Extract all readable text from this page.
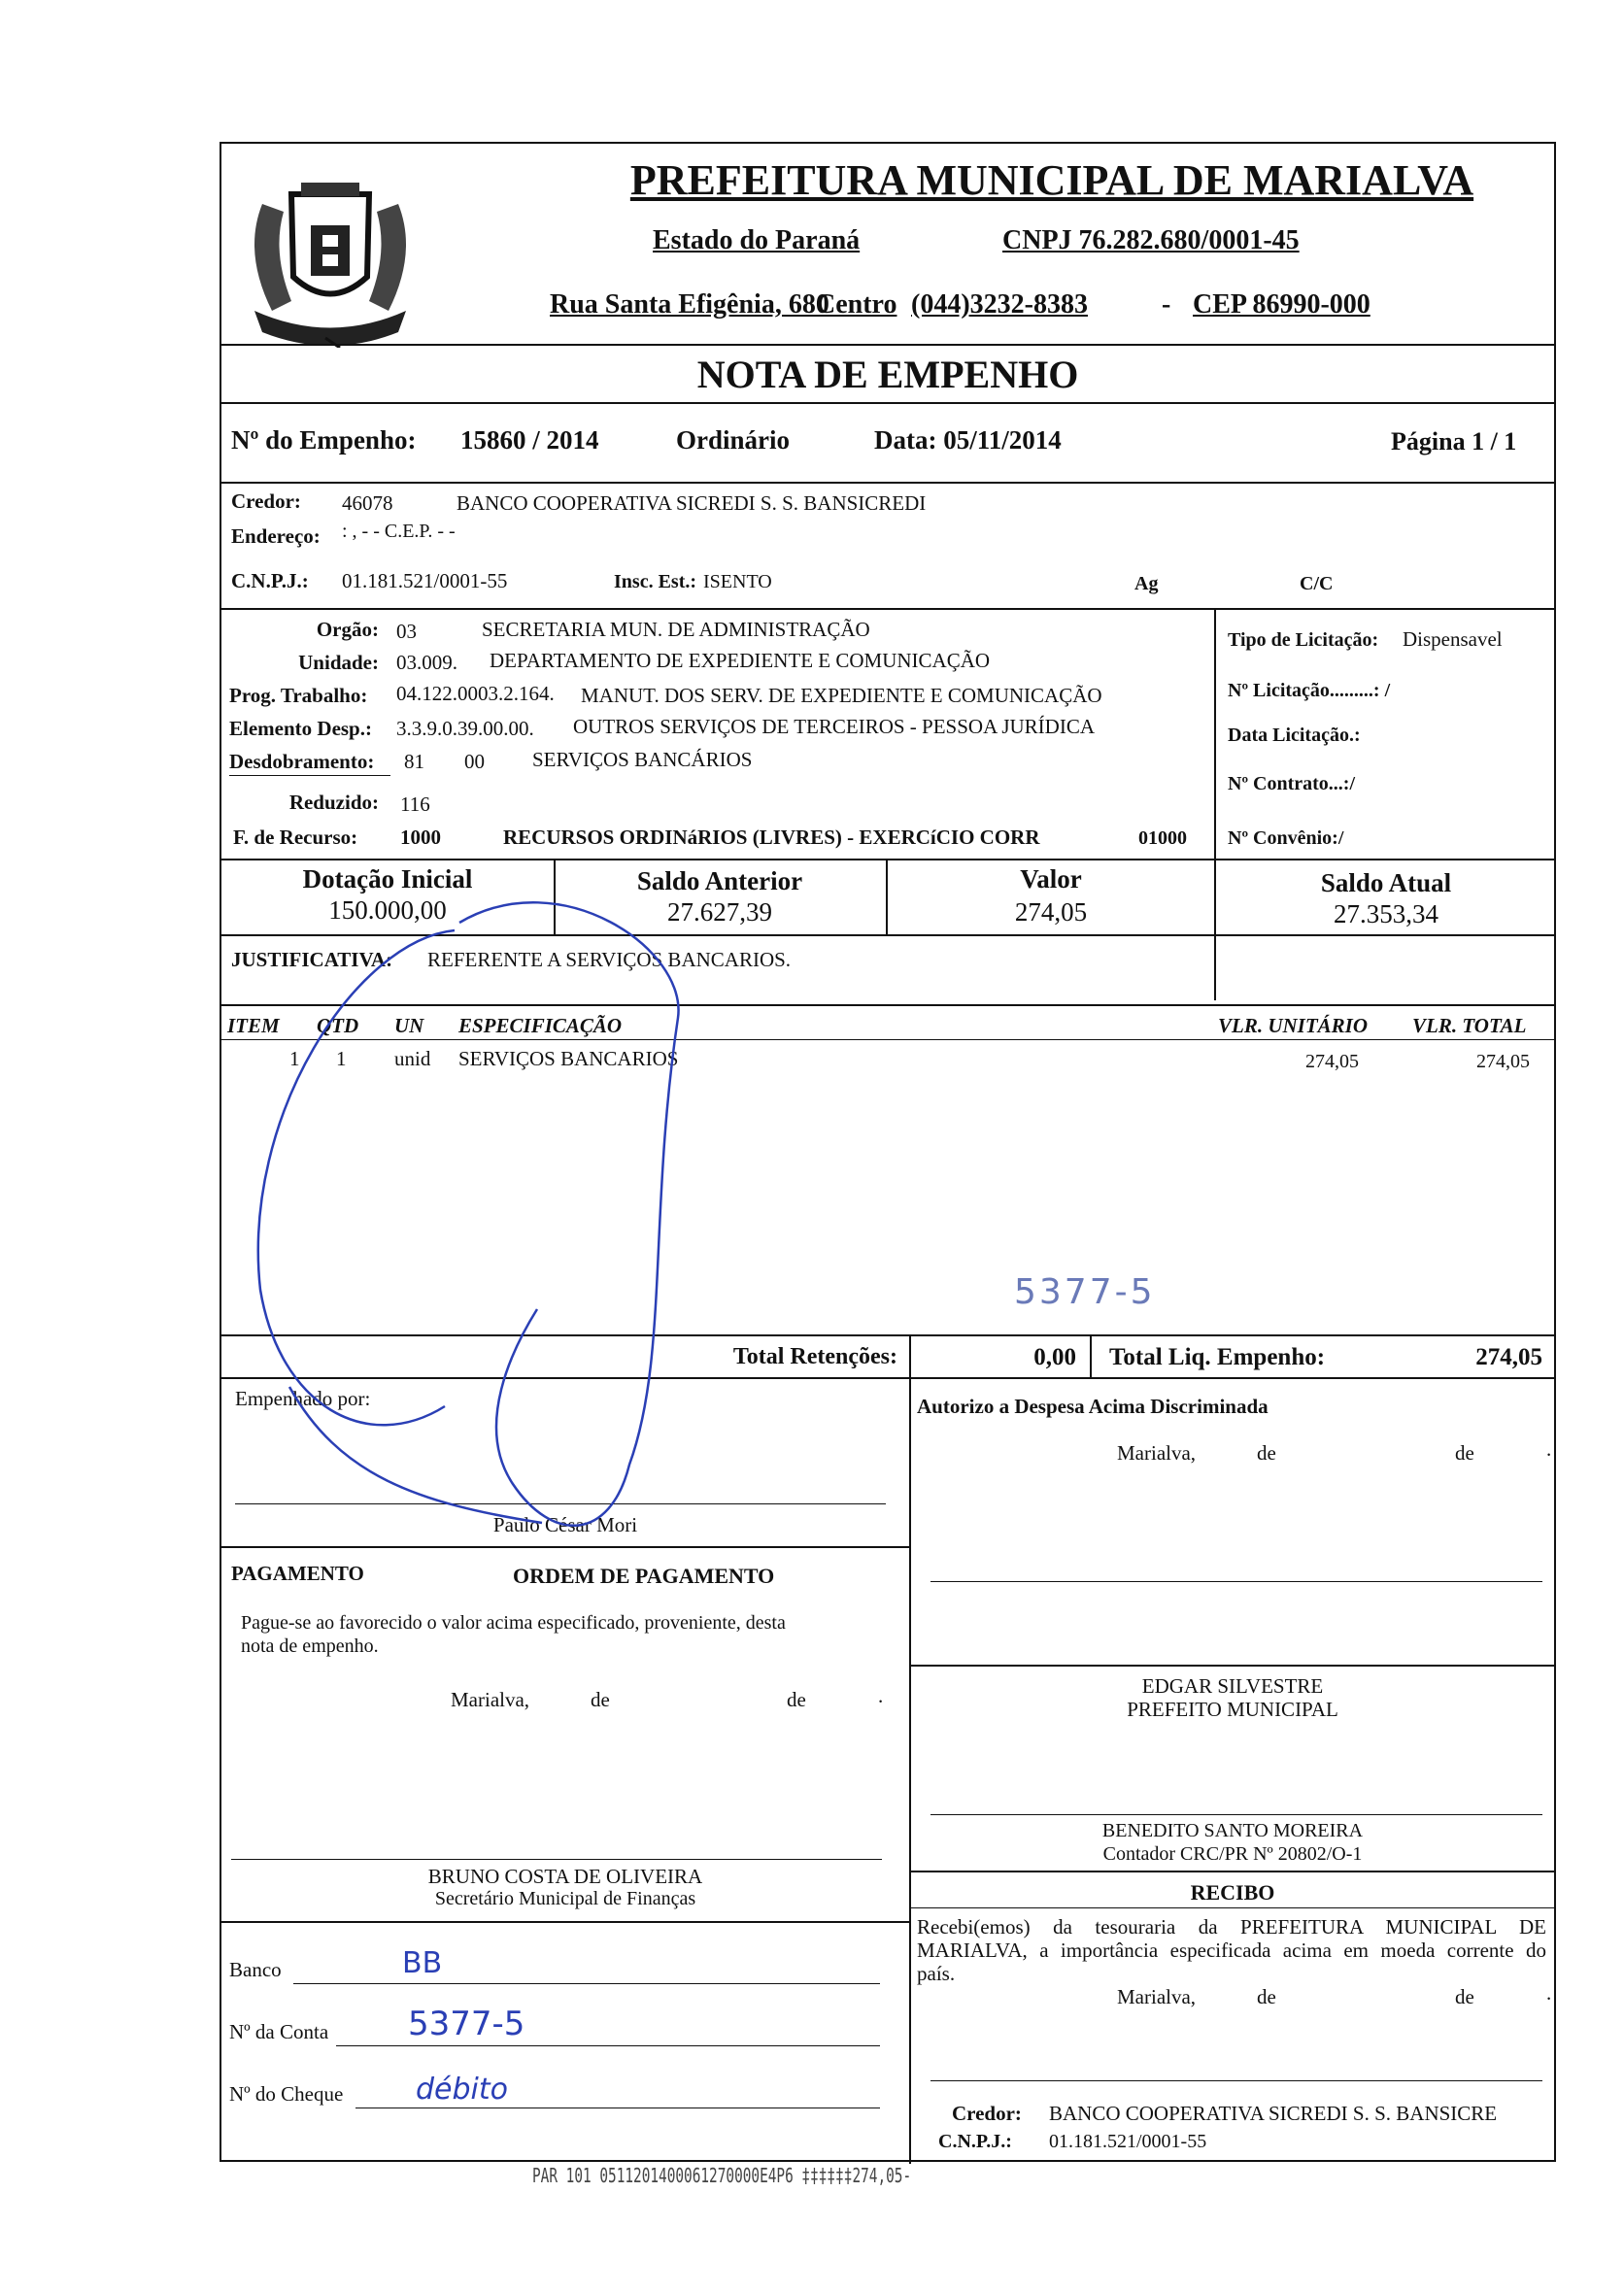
PREFEITURA MUNICIPAL DE MARIALVA
Estado do Paraná	CNPJ 76.282.680/0001-45
Rua Santa Efigênia, 680
Centro (044)3232-8383	- CEP 86990-000
NOTA DE EMPENHO
Nº do Empenho: 15860 / 2014	Ordinário	Data: 05/11/2014	Página 1 / 1
Credor: 46078	BANCO COOPERATIVA SICREDI S. S. BANSICREDI
Endereço: : , - - C.E.P. - -
C.N.P.J.: 01.181.521/0001-55	Insc. Est.: ISENTO	Ag	C/C
Orgão: 03	SECRETARIA MUN. DE ADMINISTRAÇÃO
Unidade: 03.009. DEPARTAMENTO DE EXPEDIENTE E COMUNICAÇÃO
Prog. Trabalho: 04.122.0003.2.164. MANUT. DOS SERV. DE EXPEDIENTE E COMUNICAÇÃO
Elemento Desp.: 3.3.9.0.39.00.00. OUTROS SERVIÇOS DE TERCEIROS - PESSOA JURÍDICA
Desdobramento: 81 00 SERVIÇOS BANCÁRIOS
Reduzido: 116
F. de Recurso: 1000	RECURSOS ORDINáRIOS (LIVRES) - EXERCíCIO CORR	01000
Tipo de Licitação: Dispensavel
Nº Licitação.........: /
Data Licitação.:
Nº Contrato...:/
Nº Convênio:/
Dotação Inicial
150.000,00
Saldo Anterior
27.627,39
Valor
274,05
Saldo Atual
27.353,34
JUSTIFICATIVA: REFERENTE A SERVIÇOS BANCARIOS.
ITEM QTD UN ESPECIFICAÇÃO	VLR. UNITÁRIO VLR. TOTAL
1 1 unid SERVIÇOS BANCARIOS	274,05	274,05
5377-5
Total Retenções:	0,00 Total Liq. Empenho:	274,05
Empenhado por:
Paulo César Mori
Autorizo a Despesa Acima Discriminada
Marialva,	de	de	.
EDGAR SILVESTRE
PREFEITO MUNICIPAL
BENEDITO SANTO MOREIRA
Contador CRC/PR Nº 20802/O-1
PAGAMENTO	ORDEM DE PAGAMENTO
Pague-se ao favorecido o valor acima especificado, proveniente, desta
nota de empenho.
Marialva,	de	de	.
BRUNO COSTA DE OLIVEIRA
Secretário Municipal de Finanças
Banco	BB
Nº da Conta 5377-5
Nº do Cheque débito
RECIBO
Recebi(emos) da tesouraria da PREFEITURA MUNICIPAL DE
MARIALVA, a importância especificada acima em moeda corrente do
país.
Marialva,	de	de	.
Credor: BANCO COOPERATIVA SICREDI S. S. BANSICRE
C.N.P.J.: 01.181.521/0001-55
PAR 101 0511201400061270000E4P6 ‡‡‡‡‡‡274,05-
